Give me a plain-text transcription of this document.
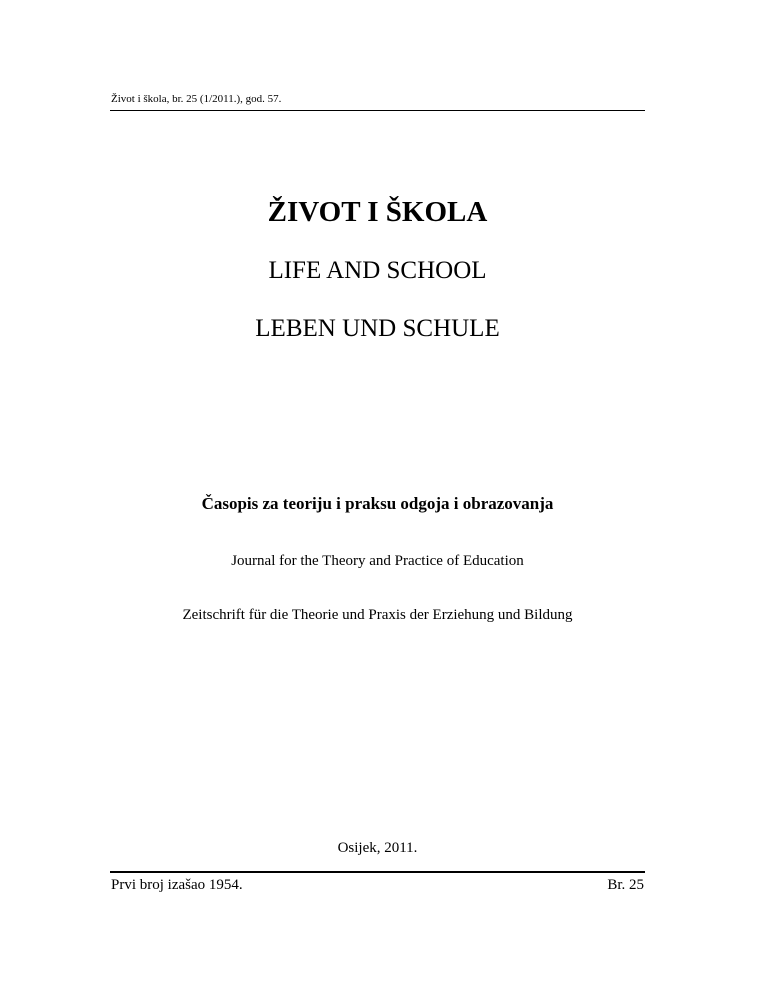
Život i škola, br. 25 (1/2011.), god. 57.
ŽIVOT I ŠKOLA
LIFE AND SCHOOL
LEBEN UND SCHULE
Časopis za teoriju i praksu odgoja i obrazovanja
Journal for the Theory and Practice of Education
Zeitschrift für die Theorie und Praxis der Erziehung und Bildung
Osijek, 2011.
Prvi broj izašao 1954.	Br. 25
